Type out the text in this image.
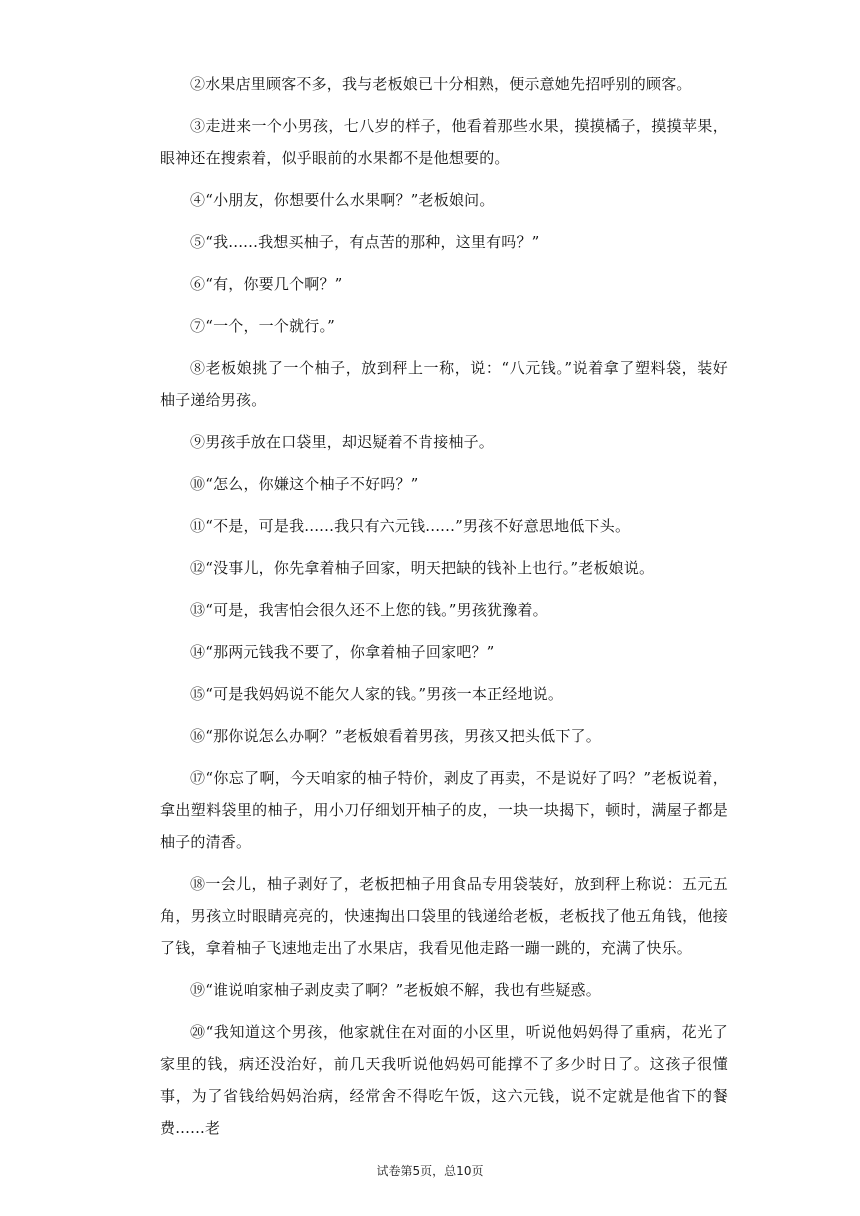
②水果店里顾客不多，我与老板娘已十分相熟，便示意她先招呼别的顾客。

③走进来一个小男孩，七八岁的样子，他看着那些水果，摸摸橘子，摸摸苹果，眼神还在搜索着，似乎眼前的水果都不是他想要的。

④“小朋友，你想要什么水果啊？”老板娘问。

⑤“我......我想买柚子，有点苦的那种，这里有吗？”

⑥“有，你要几个啊？”

⑦“一个，一个就行。”

⑧老板娘挑了一个柚子，放到秤上一称，说：“八元钱。”说着拿了塑料袋，装好柚子递给男孩。

⑨男孩手放在口袋里，却迟疑着不肯接柚子。

⑩“怎么，你嫌这个柚子不好吗？”

⑪“不是，可是我......我只有六元钱......”男孩不好意思地低下头。

⑫“没事儿，你先拿着柚子回家，明天把缺的钱补上也行。”老板娘说。

⑬“可是，我害怕会很久还不上您的钱。”男孩犹豫着。

⑭“那两元钱我不要了，你拿着柚子回家吧？”

⑮“可是我妈妈说不能欠人家的钱。”男孩一本正经地说。

⑯“那你说怎么办啊？”老板娘看着男孩，男孩又把头低下了。

⑰“你忘了啊，今天咱家的柚子特价，剥皮了再卖，不是说好了吗？”老板说着，拿出塑料袋里的柚子，用小刀仔细划开柚子的皮，一块一块揭下，顿时，满屋子都是柚子的清香。

⑱一会儿，柚子剥好了，老板把柚子用食品专用袋装好，放到秤上称说：五元五角，男孩立时眼睛亮亮的，快速掏出口袋里的钱递给老板，老板找了他五角钱，他接了钱，拿着柚子飞速地走出了水果店，我看见他走路一蹦一跳的，充满了快乐。

⑲“谁说咱家柚子剥皮卖了啊？”老板娘不解，我也有些疑惑。

⑳“我知道这个男孩，他家就住在对面的小区里，听说他妈妈得了重病，花光了家里的钱，病还没治好，前几天我听说他妈妈可能撑不了多少时日了。这孩子很懂事，为了省钱给妈妈治病，经常舍不得吃午饭，这六元钱，说不定就是他省下的餐费......老

试卷第5页，总10页
